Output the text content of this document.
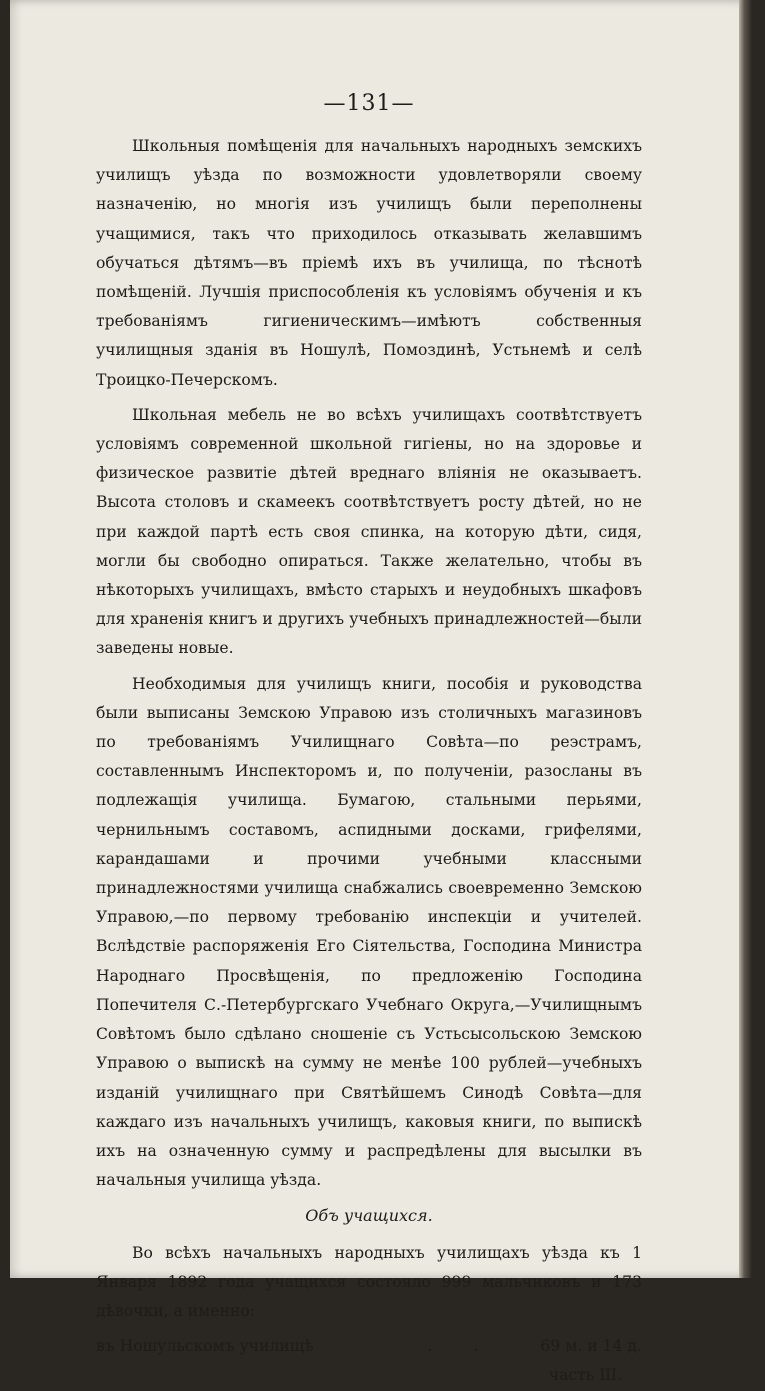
—131—

Школьныя помѣщенія для начальныхъ народныхъ земскихъ училищъ уѣзда по возможности удовлетворяли своему назначенію, но многія изъ училищъ были переполнены учащимися, такъ что приходилось отказывать желавшимъ обучаться дѣтямъ—въ пріемѣ ихъ въ училища, по тѣснотѣ помѣщеній. Лучшія приспособленія къ условіямъ обученія и къ требованіямъ гигиеническимъ—имѣютъ собственныя училищныя зданія въ Ношулѣ, Помоздинѣ, Устьнемѣ и селѣ Троицко-Печерскомъ.

Школьная мебель не во всѣхъ училищахъ соотвѣтствуетъ условіямъ современной школьной гигіены, но на здоровье и физическое развитіе дѣтей вреднаго вліянія не оказываетъ. Высота столовъ и скамеекъ соотвѣтствуетъ росту дѣтей, но не при каждой партѣ есть своя спинка, на которую дѣти, сидя, могли бы свободно опираться. Также желательно, чтобы въ нѣкоторыхъ училищахъ, вмѣсто старыхъ и неудобныхъ шкафовъ для храненія книгъ и другихъ учебныхъ принадлежностей—были заведены новые.

Необходимыя для училищъ книги, пособія и руководства были выписаны Земскою Управою изъ столичныхъ магазиновъ по требованіямъ Училищнаго Совѣта—по реэстрамъ, составленнымъ Инспекторомъ и, по полученіи, разосланы въ подлежащія училища. Бумагою, стальными перьями, чернильнымъ составомъ, аспидными досками, грифелями, карандашами и прочими учебными классными принадлежностями училища снабжались своевременно Земскою Управою,—по первому требованію инспекціи и учителей. Вслѣдствіе распоряженія Его Сіятельства, Господина Министра Народнаго Просвѣщенія, по предложенію Господина Попечителя С.-Петербургскаго Учебнаго Округа,—Училищнымъ Совѣтомъ было сдѣлано сношеніе съ Устьсысольскою Земскою Управою о выпискѣ на сумму не менѣе 100 рублей—учебныхъ изданій училищнаго при Святѣйшемъ Синодѣ Совѣта—для каждаго изъ начальныхъ училищъ, каковыя книги, по выпискѣ ихъ на означенную сумму и распредѣлены для высылки въ начальныя училища уѣзда.

Объ учащихся.

Во всѣхъ начальныхъ народныхъ училищахъ уѣзда къ 1 Января 1892 года учащихся состояло 999 мальчиковъ и 173 дѣвочки, а именно:

въ Ношульскомъ училищѣ	. .	69 м. и 14 д.
часть Ш.
